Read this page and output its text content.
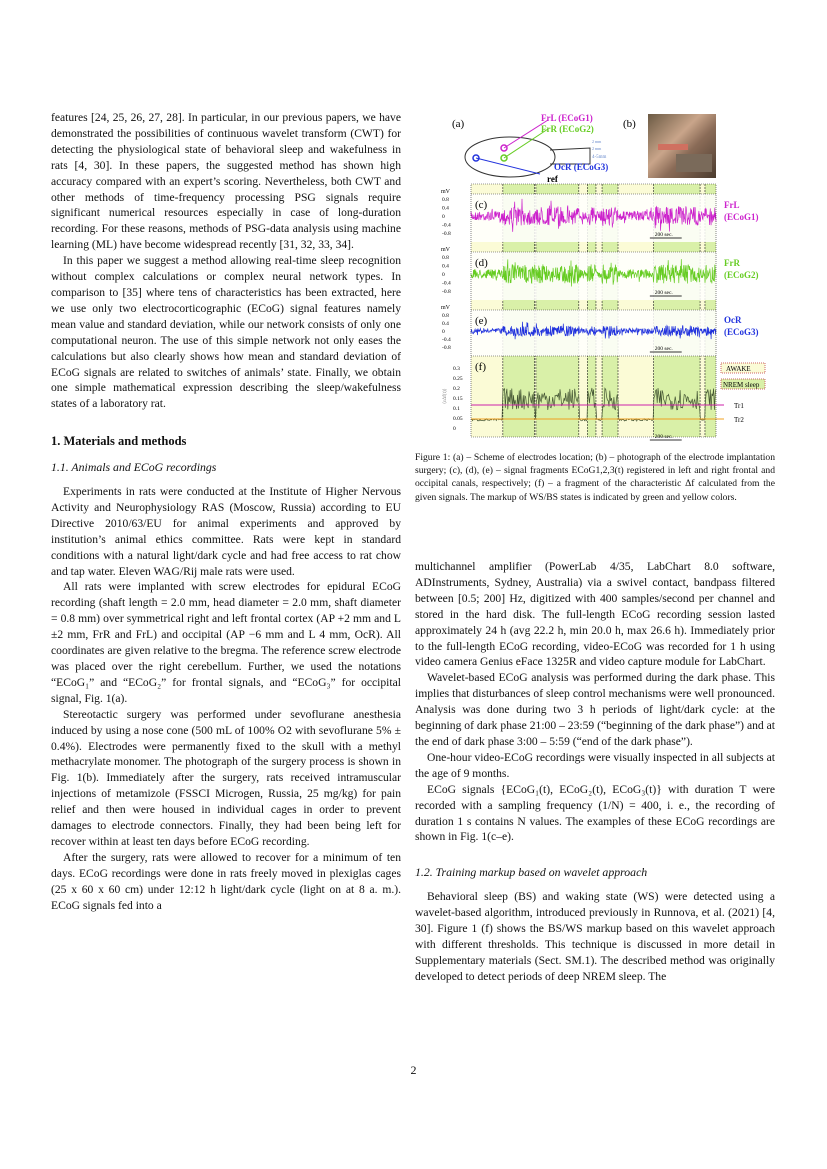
features [24, 25, 26, 27, 28]. In particular, in our previous papers, we have demonstrated the possibilities of continuous wavelet transform (CWT) for detecting the physiological state of behavioral sleep and wakefulness in rats [4, 30]. In these papers, the suggested method has shown high accuracy compared with an expert’s scoring. Nevertheless, both CWT and other methods of time-frequency processing PSG signals require significant numerical resources especially in case of long-duration recording. For these reasons, methods of PSG-data analysis using machine learning (ML) have become widespread recently [31, 32, 33, 34].

In this paper we suggest a method allowing real-time sleep recognition without complex calculations or complex neural network types. In comparison to [35] where tens of characteristics has been extracted, here we use only two electrocorticographic (ECoG) signal features namely mean value and standard deviation, while our network consists of only one computational neuron. The use of this simple network not only eases the calculations but also clearly shows how mean and standard deviation of ECoG signals are related to switches of animals’ state. Finally, we obtain one simple mathematical expression describing the sleep/wakefulness states of a laboratory rat.

1. Materials and methods
1.1. Animals and ECoG recordings

Experiments in rats were conducted at the Institute of Higher Nervous Activity and Neurophysiology RAS (Moscow, Russia) according to EU Directive 2010/63/EU for animal experiments and approved by institution’s animal ethics committee. Rats were kept in standard conditions with a natural light/dark cycle and had free access to rat chow and tap water. Eleven WAG/Rij male rats were used.

All rats were implanted with screw electrodes for epidural ECoG recording (shaft length = 2.0 mm, head diameter = 2.0 mm, shaft diameter = 0.8 mm) over symmetrical right and left frontal cortex (AP +2 mm and L ±2 mm, FrR and FrL) and occipital (AP −6 mm and L 4 mm, OcR). All coordinates are given relative to the bregma. The reference screw electrode was placed over the right cerebellum. Further, we used the notations “ECoG₁” and “ECoG₂” for frontal signals, and “ECoG₃” for occipital signal, Fig. 1(a).

Stereotactic surgery was performed under sevoflurane anesthesia induced by using a nose cone (500 mL of 100% O2 with sevoflurane 5% ± 0.4%). Electrodes were permanently fixed to the skull with a methyl methacrylate monomer. The photograph of the surgery process is shown in Fig. 1(b). Immediately after the surgery, rats received intramuscular injections of metamizole (FSSCI Microgen, Russia, 25 mg/kg) for pain relief and then were housed in individual cages in order to prevent damages to electrode connectors. Finally, they had been being left for recover within at least ten days before ECoG recording.

After the surgery, rats were allowed to recover for a minimum of ten days. ECoG recordings were done in rats freely moved in plexiglas cages (25 x 60 x 60 cm) under 12:12 h light/dark cycle (light on at 8 a. m.). ECoG signals fed into a

(a)	(b)
FrL (ECoG1)
FrR (ECoG2)
OcR (ECoG3)
ref
2 mm
2 mm
4-5mm
mV
0.8
0.4
0
-0.4
-0.8
(c)	FrL
(ECoG1)
200 sec.
mV
0.8
0.4
0
-0.4
-0.8
(d)	FrR
(ECoG2)
200 sec.
mV
0.8
0.4
0
-0.4
-0.8
(e)	OcR
(ECoG3)
200 sec.
(f)
0.3
0.25
0.2
0.15
0.1
0.05
0
⟨εΔf(t)⟩
Tr1
Tr2
AWAKE
NREM sleep
200 sec.
Figure 1: (a) – Scheme of electrodes location; (b) – photograph of the electrode implantation surgery; (c), (d), (e) – signal fragments ECoG1,2,3(t) registered in left and right frontal and occipital canals, respectively; (f) – a fragment of the characteristic Δf calculated from the given signals. The markup of WS/BS states is indicated by green and yellow colors.

multichannel amplifier (PowerLab 4/35, LabChart 8.0 software, ADInstruments, Sydney, Australia) via a swivel contact, bandpass filtered between [0.5; 200] Hz, digitized with 400 samples/second per channel and stored in the hard disk. The full-length ECoG recording session lasted approximately 24 h (avg 22.2 h, min 20.0 h, max 26.6 h). Immediately prior to the full-length ECoG recording, video-ECoG was recorded for 1 h using video camera Genius eFace 1325R and video capture module for LabChart.

Wavelet-based ECoG analysis was performed during the dark phase. This implies that disturbances of sleep control mechanisms were well pronounced. Analysis was done during two 3 h periods of light/dark cycle: at the beginning of dark phase 21:00 – 23:59 (“beginning of the dark phase”) and at the end of dark phase 3:00 – 5:59 (“end of the dark phase”).

One-hour video-ECoG recordings were visually inspected in all subjects at the age of 9 months.

ECoG signals {ECoG₁(t), ECoG₂(t), ECoG₃(t)} with duration T were recorded with a sampling frequency (1/N) = 400, i. e., the recording of duration 1 s contains N values. The examples of these ECoG recordings are shown in Fig. 1(c–e).

1.2. Training markup based on wavelet approach

Behavioral sleep (BS) and waking state (WS) were detected using a wavelet-based algorithm, introduced previously in Runnova, et al. (2021) [4, 30]. Figure 1 (f) shows the BS/WS markup based on this wavelet approach with different thresholds. This technique is discussed in more detail in Supplementary materials (Sect. SM.1). The described method was originally developed to detect periods of deep NREM sleep. The

2
